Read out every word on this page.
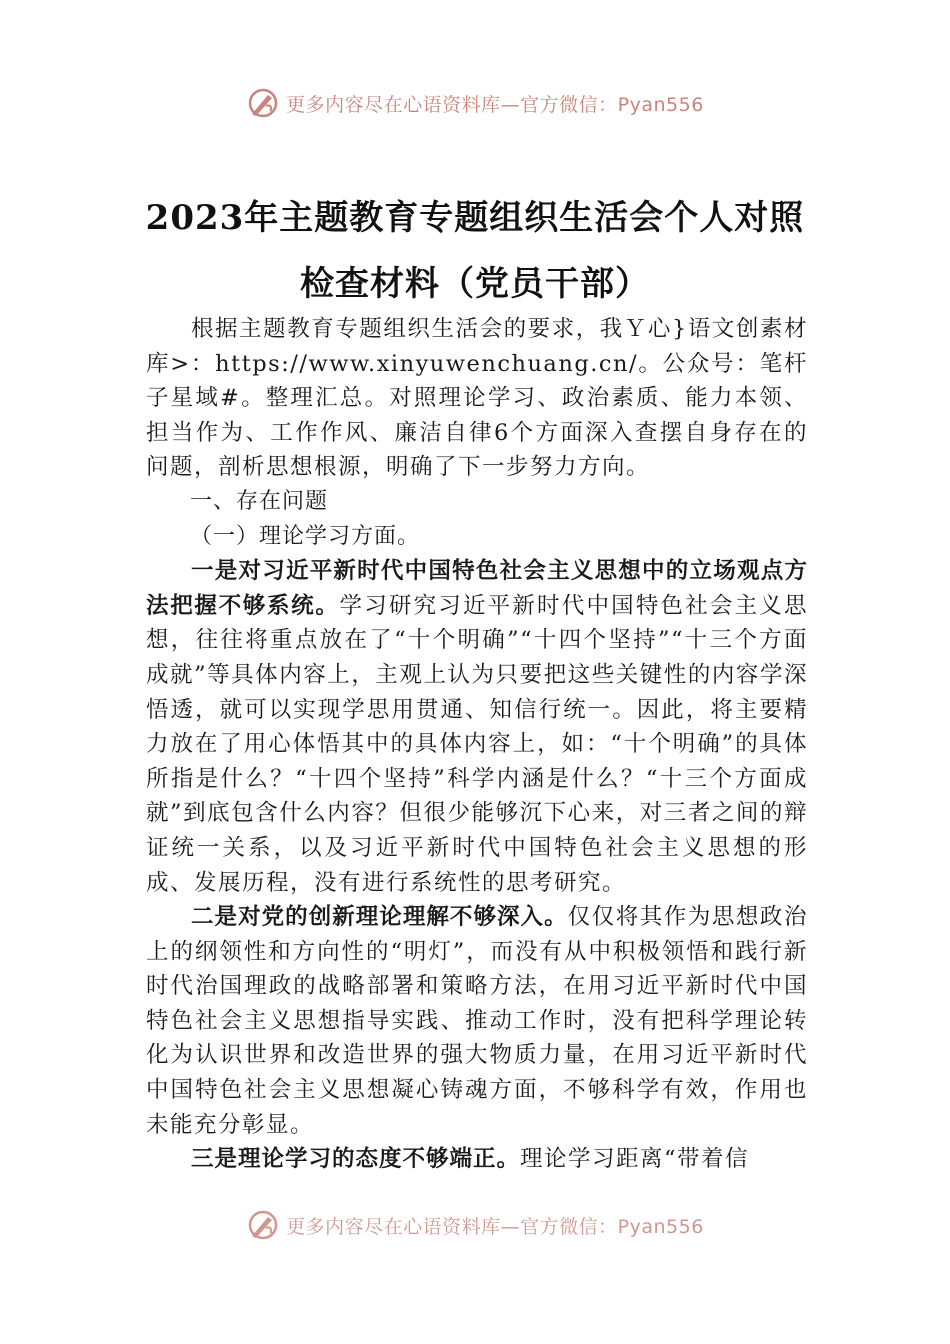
更多内容尽在心语资料库—官方微信：Pyan556
2023年主题教育专题组织生活会个人对照
检查材料（党员干部）

根据主题教育专题组织生活会的要求，我Ｙ心}语文创素材库>：https://www.xinyuwenchuang.cn/。公众号：笔杆子星域#。整理汇总。对照理论学习、政治素质、能力本领、担当作为、工作作风、廉洁自律6个方面深入查摆自身存在的问题，剖析思想根源，明确了下一步努力方向。

一、存在问题

（一）理论学习方面。

一是对习近平新时代中国特色社会主义思想中的立场观点方法把握不够系统。学习研究习近平新时代中国特色社会主义思想，往往将重点放在了“十个明确”“十四个坚持”“十三个方面成就”等具体内容上，主观上认为只要把这些关键性的内容学深悟透，就可以实现学思用贯通、知信行统一。因此，将主要精力放在了用心体悟其中的具体内容上，如：“十个明确”的具体所指是什么？“十四个坚持”科学内涵是什么？“十三个方面成就”到底包含什么内容？但很少能够沉下心来，对三者之间的辩证统一关系，以及习近平新时代中国特色社会主义思想的形成、发展历程，没有进行系统性的思考研究。

二是对党的创新理论理解不够深入。仅仅将其作为思想政治上的纲领性和方向性的“明灯”，而没有从中积极领悟和践行新时代治国理政的战略部署和策略方法，在用习近平新时代中国特色社会主义思想指导实践、推动工作时，没有把科学理论转化为认识世界和改造世界的强大物质力量，在用习近平新时代中国特色社会主义思想凝心铸魂方面，不够科学有效，作用也未能充分彰显。

三是理论学习的态度不够端正。理论学习距离“带着信

更多内容尽在心语资料库—官方微信：Pyan556
